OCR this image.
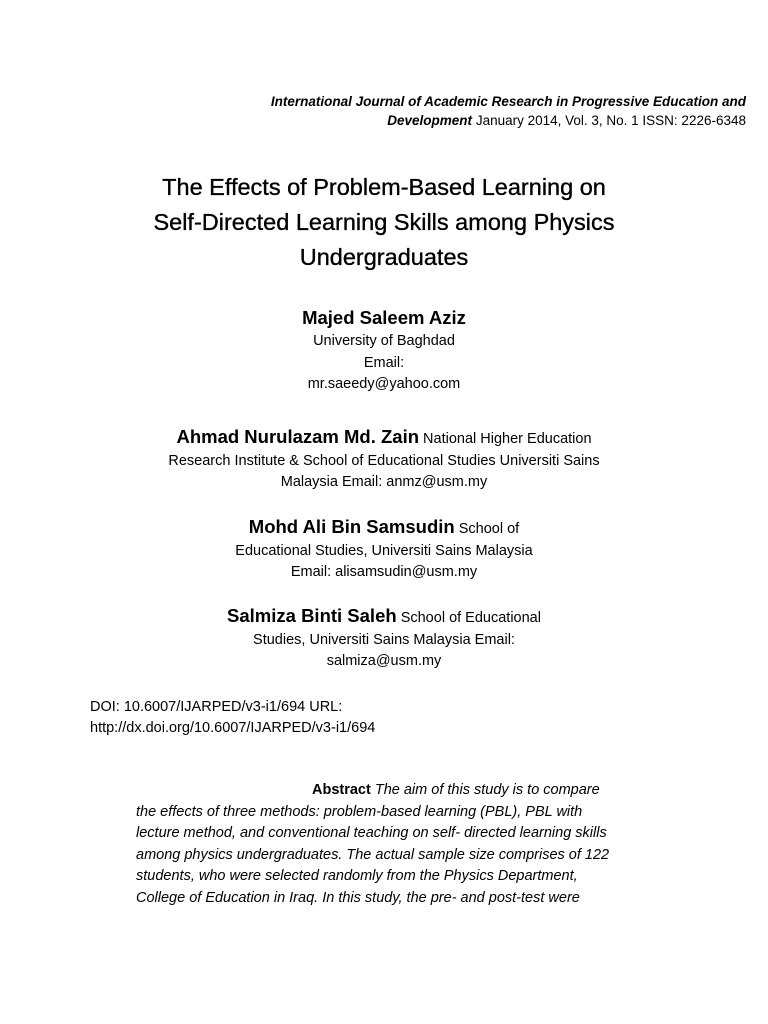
International Journal of Academic Research in Progressive Education and
Development January 2014, Vol. 3, No. 1 ISSN: 2226-6348
The Effects of Problem-Based Learning on
Self-Directed Learning Skills among Physics
Undergraduates
Majed Saleem Aziz
University of Baghdad
Email:
mr.saeedy@yahoo.com
Ahmad Nurulazam Md. Zain National Higher Education
Research Institute & School of Educational Studies Universiti Sains
Malaysia Email: anmz@usm.my
Mohd Ali Bin Samsudin School of
Educational Studies, Universiti Sains Malaysia
Email: alisamsudin@usm.my
Salmiza Binti Saleh School of Educational
Studies, Universiti Sains Malaysia Email:
salmiza@usm.my
DOI: 10.6007/IJARPED/v3-i1/694 URL:
http://dx.doi.org/10.6007/IJARPED/v3-i1/694
Abstract The aim of this study is to compare
the effects of three methods: problem-based learning (PBL), PBL with
lecture method, and conventional teaching on self- directed learning skills
among physics undergraduates. The actual sample size comprises of 122
students, who were selected randomly from the Physics Department,
College of Education in Iraq. In this study, the pre- and post-test were
